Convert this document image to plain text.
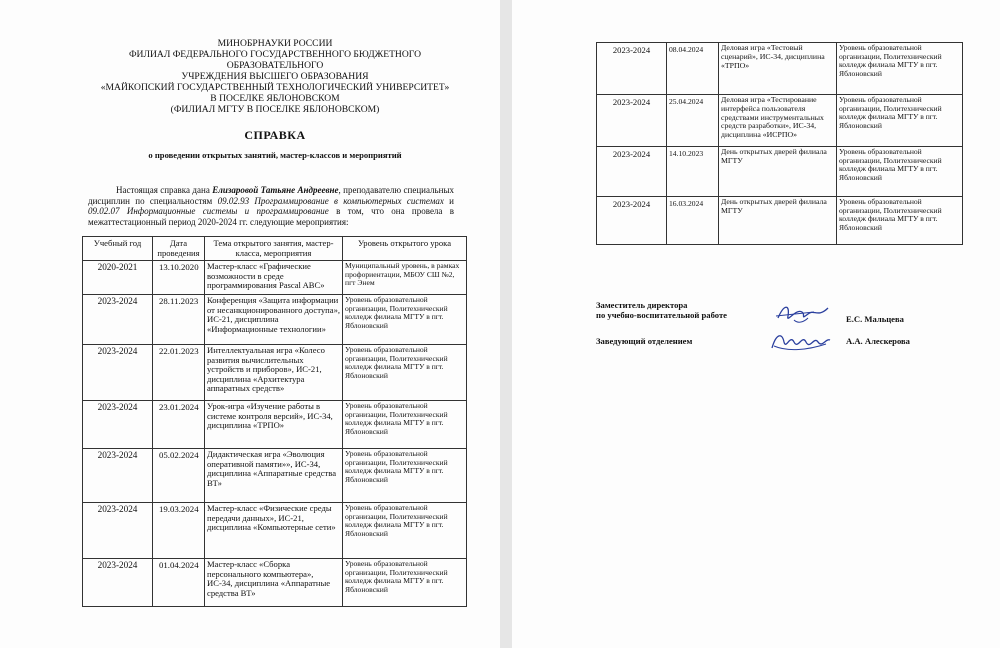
МИНОБРНАУКИ РОССИИ
ФИЛИАЛ ФЕДЕРАЛЬНОГО ГОСУДАРСТВЕННОГО БЮДЖЕТНОГО ОБРАЗОВАТЕЛЬНОГО
УЧРЕЖДЕНИЯ ВЫСШЕГО ОБРАЗОВАНИЯ
«МАЙКОПСКИЙ ГОСУДАРСТВЕННЫЙ ТЕХНОЛОГИЧЕСКИЙ УНИВЕРСИТЕТ»
В ПОСЕЛКЕ ЯБЛОНОВСКОМ
(ФИЛИАЛ МГТУ В ПОСЕЛКЕ ЯБЛОНОВСКОМ)
СПРАВКА
о проведении открытых занятий, мастер-классов и мероприятий
Настоящая справка дана Елизаровой Татьяне Андреевне, преподавателю специальных дисциплин по специальностям 09.02.93 Программирование в компьютерных системах и 09.02.07 Информационные системы и программирование в том, что она провела в межаттестационный период 2020-2024 гг. следующие мероприятия:
Учебный год	Дата проведения	Тема открытого занятия, мастер-класса, мероприятия	Уровень открытого урока
2020-2021	13.10.2020	Мастер-класс «Графические возможности в среде программирования Pascal ABC»	Муниципальный уровень, в рамках профориентации, МБОУ СШ №2, пгт Энем
2023-2024	28.11.2023	Конференция «Защита информации от несанкционированного доступа», ИС-21, дисциплина «Информационные технологии»	Уровень образовательной организации, Политехнический колледж филиала МГТУ в пгт. Яблоновский
2023-2024	22.01.2023	Интеллектуальная игра «Колесо развития вычислительных устройств и приборов», ИС-21, дисциплина «Архитектура аппаратных средств»	Уровень образовательной организации, Политехнический колледж филиала МГТУ в пгт. Яблоновский
2023-2024	23.01.2024	Урок-игра «Изучение работы в системе контроля версий», ИС-34, дисциплина «ТРПО»	Уровень образовательной организации, Политехнический колледж филиала МГТУ в пгт. Яблоновский
2023-2024	05.02.2024	Дидактическая игра «Эволюция оперативной памяти»», ИС-34, дисциплина «Аппаратные средства ВТ»	Уровень образовательной организации, Политехнический колледж филиала МГТУ в пгт. Яблоновский
2023-2024	19.03.2024	Мастер-класс «Физические среды передачи данных», ИС-21, дисциплина «Компьютерные сети»	Уровень образовательной организации, Политехнический колледж филиала МГТУ в пгт. Яблоновский
2023-2024	01.04.2024	Мастер-класс «Сборка персонального компьютера», ИС-34, дисциплина «Аппаратные средства ВТ»	Уровень образовательной организации, Политехнический колледж филиала МГТУ в пгт. Яблоновский
2023-2024	08.04.2024	Деловая игра «Тестовый сценарий», ИС-34, дисциплина «ТРПО»	Уровень образовательной организации, Политехнический колледж филиала МГТУ в пгт. Яблоновский
2023-2024	25.04.2024	Деловая игра «Тестирование интерфейса пользователя средствами инструментальных средств разработки», ИС-34, дисциплина «ИСРПО»	Уровень образовательной организации, Политехнический колледж филиала МГТУ в пгт. Яблоновский
2023-2024	14.10.2023	День открытых дверей филиала МГТУ	Уровень образовательной организации, Политехнический колледж филиала МГТУ в пгт. Яблоновский
2023-2024	16.03.2024	День открытых дверей филиала МГТУ	Уровень образовательной организации, Политехнический колледж филиала МГТУ в пгт. Яблоновский
Заместитель директора
по учебно-воспитательной работе	Е.С. Мальцева
Заведующий отделением	А.А. Алескерова
